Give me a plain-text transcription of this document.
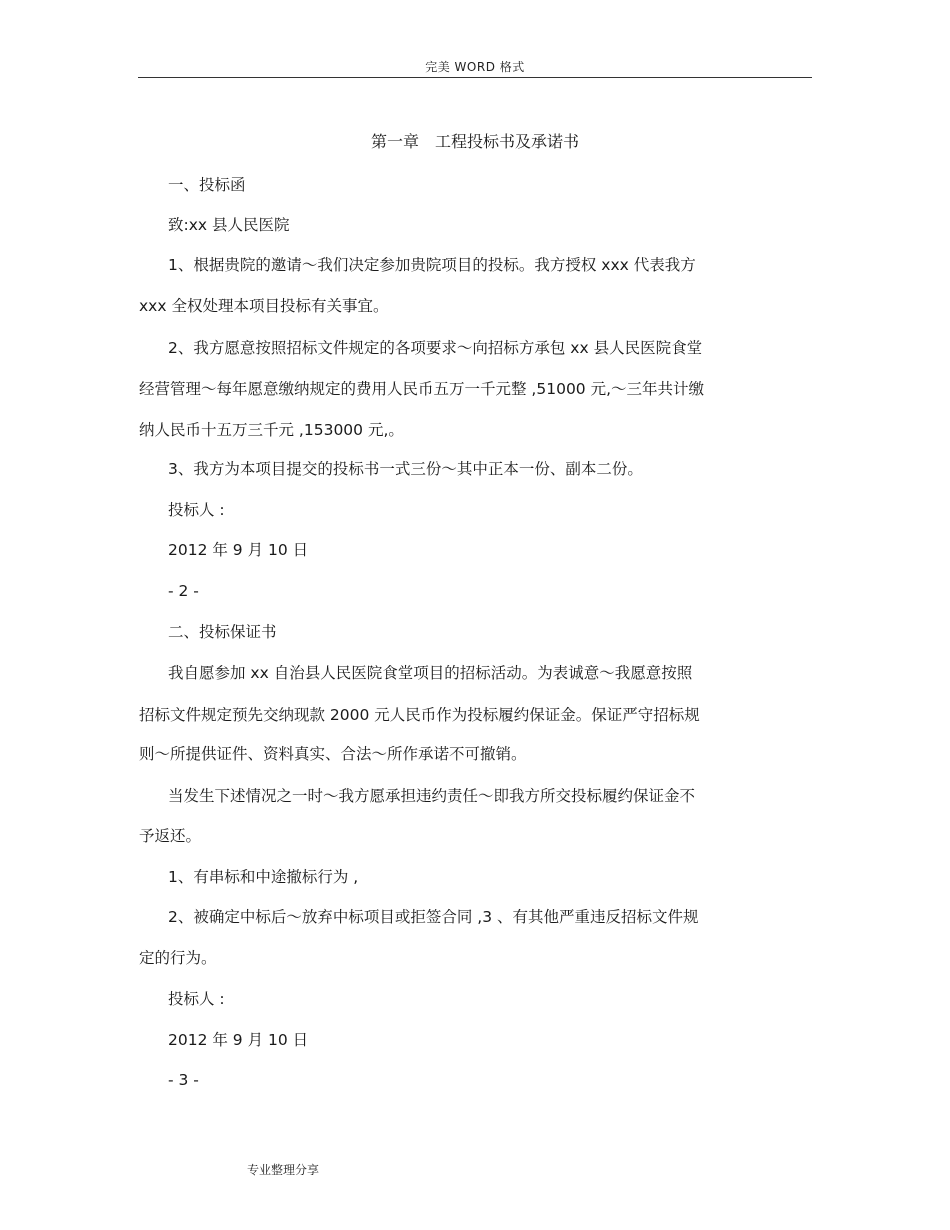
完美 WORD 格式
第一章　工程投标书及承诺书
一、投标函
致:xx 县人民医院
1、根据贵院的邀请～我们决定参加贵院项目的投标。我方授权 xxx 代表我方
xxx 全权处理本项目投标有关事宜。
2、我方愿意按照招标文件规定的各项要求～向招标方承包 xx 县人民医院食堂
经营管理～每年愿意缴纳规定的费用人民币五万一千元整 ,51000 元,～三年共计缴
纳人民币十五万三千元 ,153000 元,。
3、我方为本项目提交的投标书一式三份～其中正本一份、副本二份。
投标人 :
2012 年 9 月 10 日
- 2 -
二、投标保证书
我自愿参加 xx 自治县人民医院食堂项目的招标活动。为表诚意～我愿意按照
招标文件规定预先交纳现款 2000 元人民币作为投标履约保证金。保证严守招标规
则～所提供证件、资料真实、合法～所作承诺不可撤销。
当发生下述情况之一时～我方愿承担违约责任～即我方所交投标履约保证金不
予返还。
1、有串标和中途撤标行为 ,
2、被确定中标后～放弃中标项目或拒签合同 ,3 、有其他严重违反招标文件规
定的行为。
投标人 :
2012 年 9 月 10 日
- 3 -
专业整理分享
